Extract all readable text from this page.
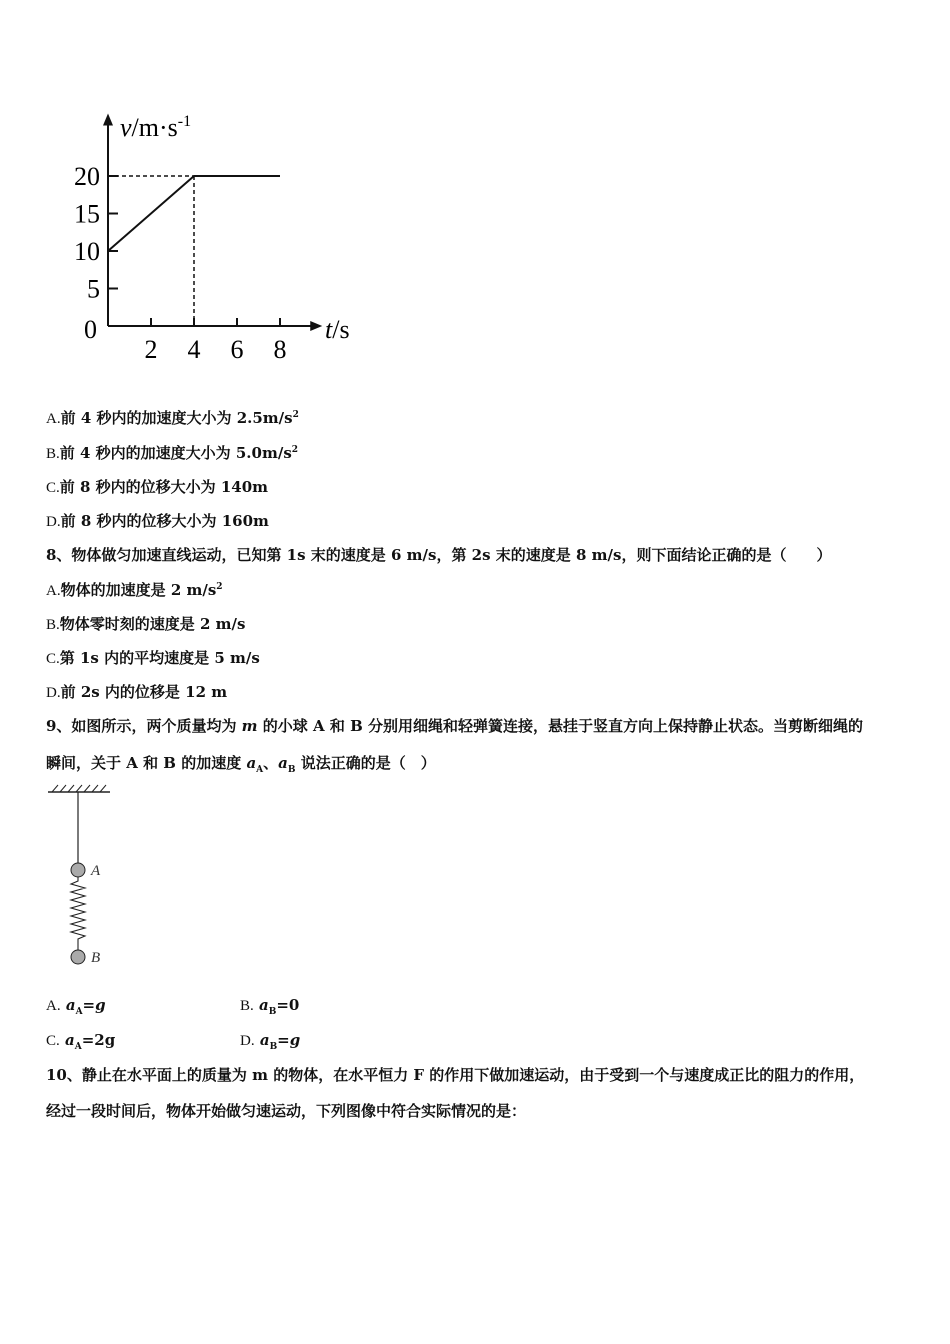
2 4 6 8
5
10
15
20
$v/m\cdot s^{-1}$
t/s
0
A.前 4 秒内的加速度大小为 $2.5m/s^2$
B.前 4 秒内的加速度大小为 $5.0m/s^2$
C.前 8 秒内的位移大小为 140m
D.前 8 秒内的位移大小为 160m
8、物体做匀加速直线运动，已知第 1s 末的速度是 6 m/s，第 2s 末的速度是 8 m/s，则下面结论正确的是（　　）
A.物体的加速度是 2 $m/s^2$
B.物体零时刻的速度是 2 m/s
C.第 1s 内的平均速度是 5 m/s
D.前 2s 内的位移是 12 m
9、如图所示，两个质量均为 m 的小球 A 和 B 分别用细绳和轻弹簧连接，悬挂于竖直方向上保持静止状态。当剪断细绳的
瞬间，关于 A 和 B 的加速度 $a_A$、$a_B$ 说法正确的是（　）
A
B
A. $a_A=g$	B. $a_B=0$
C. $a_A=2g$	D. $a_B=g$
10、静止在水平面上的质量为 m 的物体，在水平恒力 F 的作用下做加速运动，由于受到一个与速度成正比的阻力的作用，
经过一段时间后，物体开始做匀速运动，下列图像中符合实际情况的是：
